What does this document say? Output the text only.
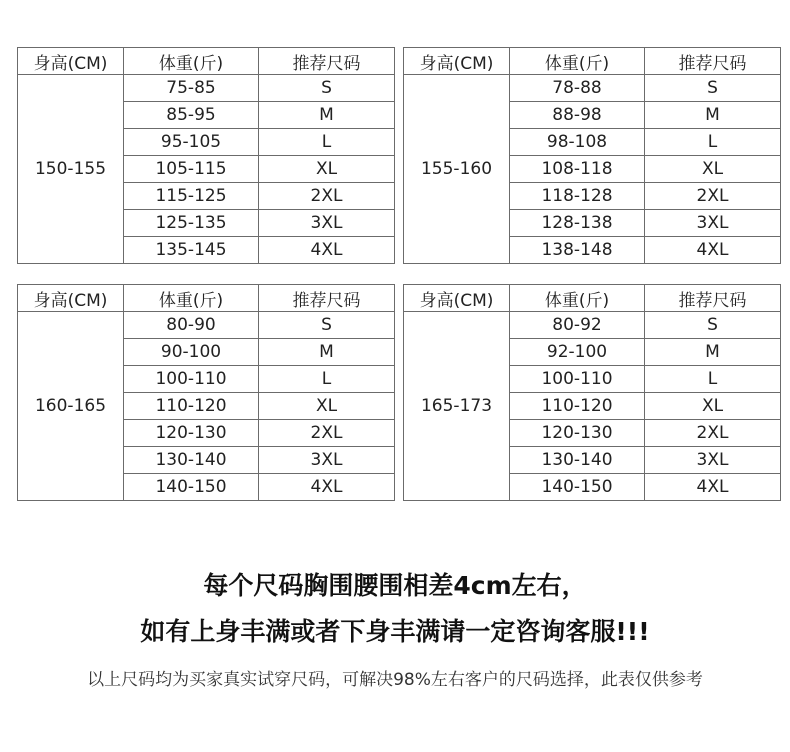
身高(CM)	体重(斤)	推荐尺码
150-155	75-85	S
	85-95	M
	95-105	L
	105-115	XL
	115-125	2XL
	125-135	3XL
	135-145	4XL
身高(CM)	体重(斤)	推荐尺码
155-160	78-88	S
	88-98	M
	98-108	L
	108-118	XL
	118-128	2XL
	128-138	3XL
	138-148	4XL
身高(CM)	体重(斤)	推荐尺码
160-165	80-90	S
	90-100	M
	100-110	L
	110-120	XL
	120-130	2XL
	130-140	3XL
	140-150	4XL
身高(CM)	体重(斤)	推荐尺码
165-173	80-92	S
	92-100	M
	100-110	L
	110-120	XL
	120-130	2XL
	130-140	3XL
	140-150	4XL
每个尺码胸围腰围相差4cm左右，
如有上身丰满或者下身丰满请一定咨询客服!!!
以上尺码均为买家真实试穿尺码，可解决98%左右客户的尺码选择，此表仅供参考
